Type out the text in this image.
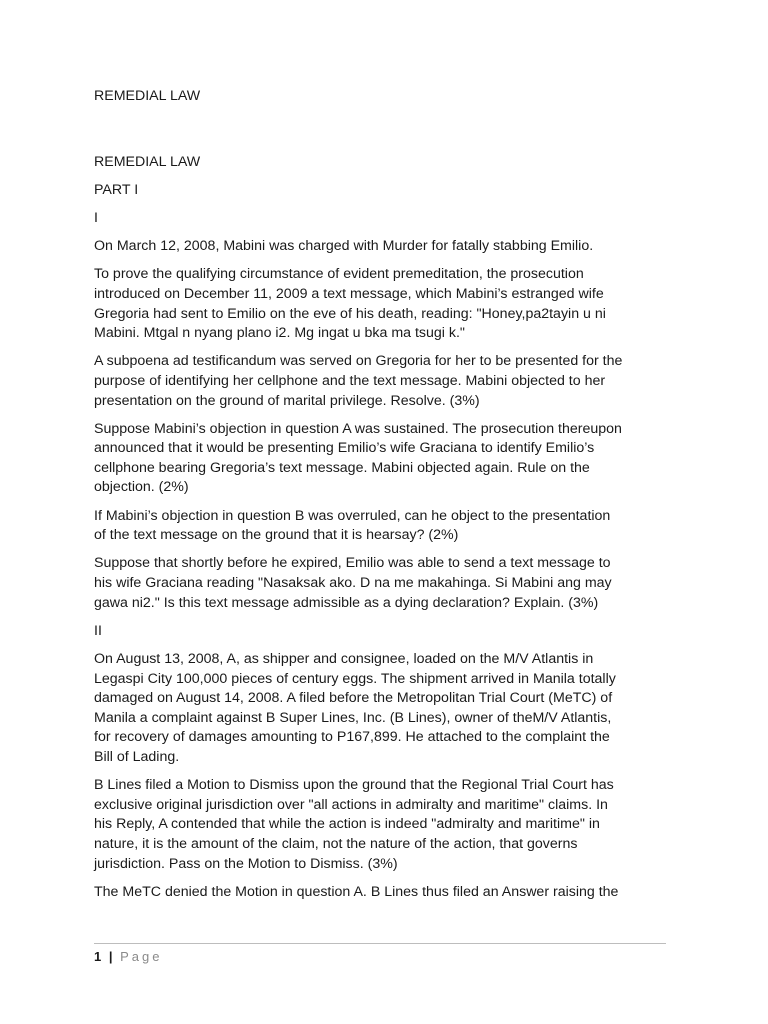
REMEDIAL LAW

REMEDIAL LAW
PART I
I
On March 12, 2008, Mabini was charged with Murder for fatally stabbing Emilio.
To prove the qualifying circumstance of evident premeditation, the prosecution
introduced on December 11, 2009 a text message, which Mabini’s estranged wife
Gregoria had sent to Emilio on the eve of his death, reading: "Honey,pa2tayin u ni
Mabini. Mtgal n nyang plano i2. Mg ingat u bka ma tsugi k."
A subpoena ad testificandum was served on Gregoria for her to be presented for the
purpose of identifying her cellphone and the text message. Mabini objected to her
presentation on the ground of marital privilege. Resolve. (3%)
Suppose Mabini’s objection in question A was sustained. The prosecution thereupon
announced that it would be presenting Emilio’s wife Graciana to identify Emilio’s
cellphone bearing Gregoria’s text message. Mabini objected again. Rule on the
objection. (2%)
If Mabini’s objection in question B was overruled, can he object to the presentation
of the text message on the ground that it is hearsay? (2%)
Suppose that shortly before he expired, Emilio was able to send a text message to
his wife Graciana reading "Nasaksak ako. D na me makahinga. Si Mabini ang may
gawa ni2." Is this text message admissible as a dying declaration? Explain. (3%)
II
On August 13, 2008, A, as shipper and consignee, loaded on the M/V Atlantis in
Legaspi City 100,000 pieces of century eggs. The shipment arrived in Manila totally
damaged on August 14, 2008. A filed before the Metropolitan Trial Court (MeTC) of
Manila a complaint against B Super Lines, Inc. (B Lines), owner of theM/V Atlantis,
for recovery of damages amounting to P167,899. He attached to the complaint the
Bill of Lading.
B Lines filed a Motion to Dismiss upon the ground that the Regional Trial Court has
exclusive original jurisdiction over "all actions in admiralty and maritime" claims. In
his Reply, A contended that while the action is indeed "admiralty and maritime" in
nature, it is the amount of the claim, not the nature of the action, that governs
jurisdiction. Pass on the Motion to Dismiss. (3%)
The MeTC denied the Motion in question A. B Lines thus filed an Answer raising the
1 | Page
